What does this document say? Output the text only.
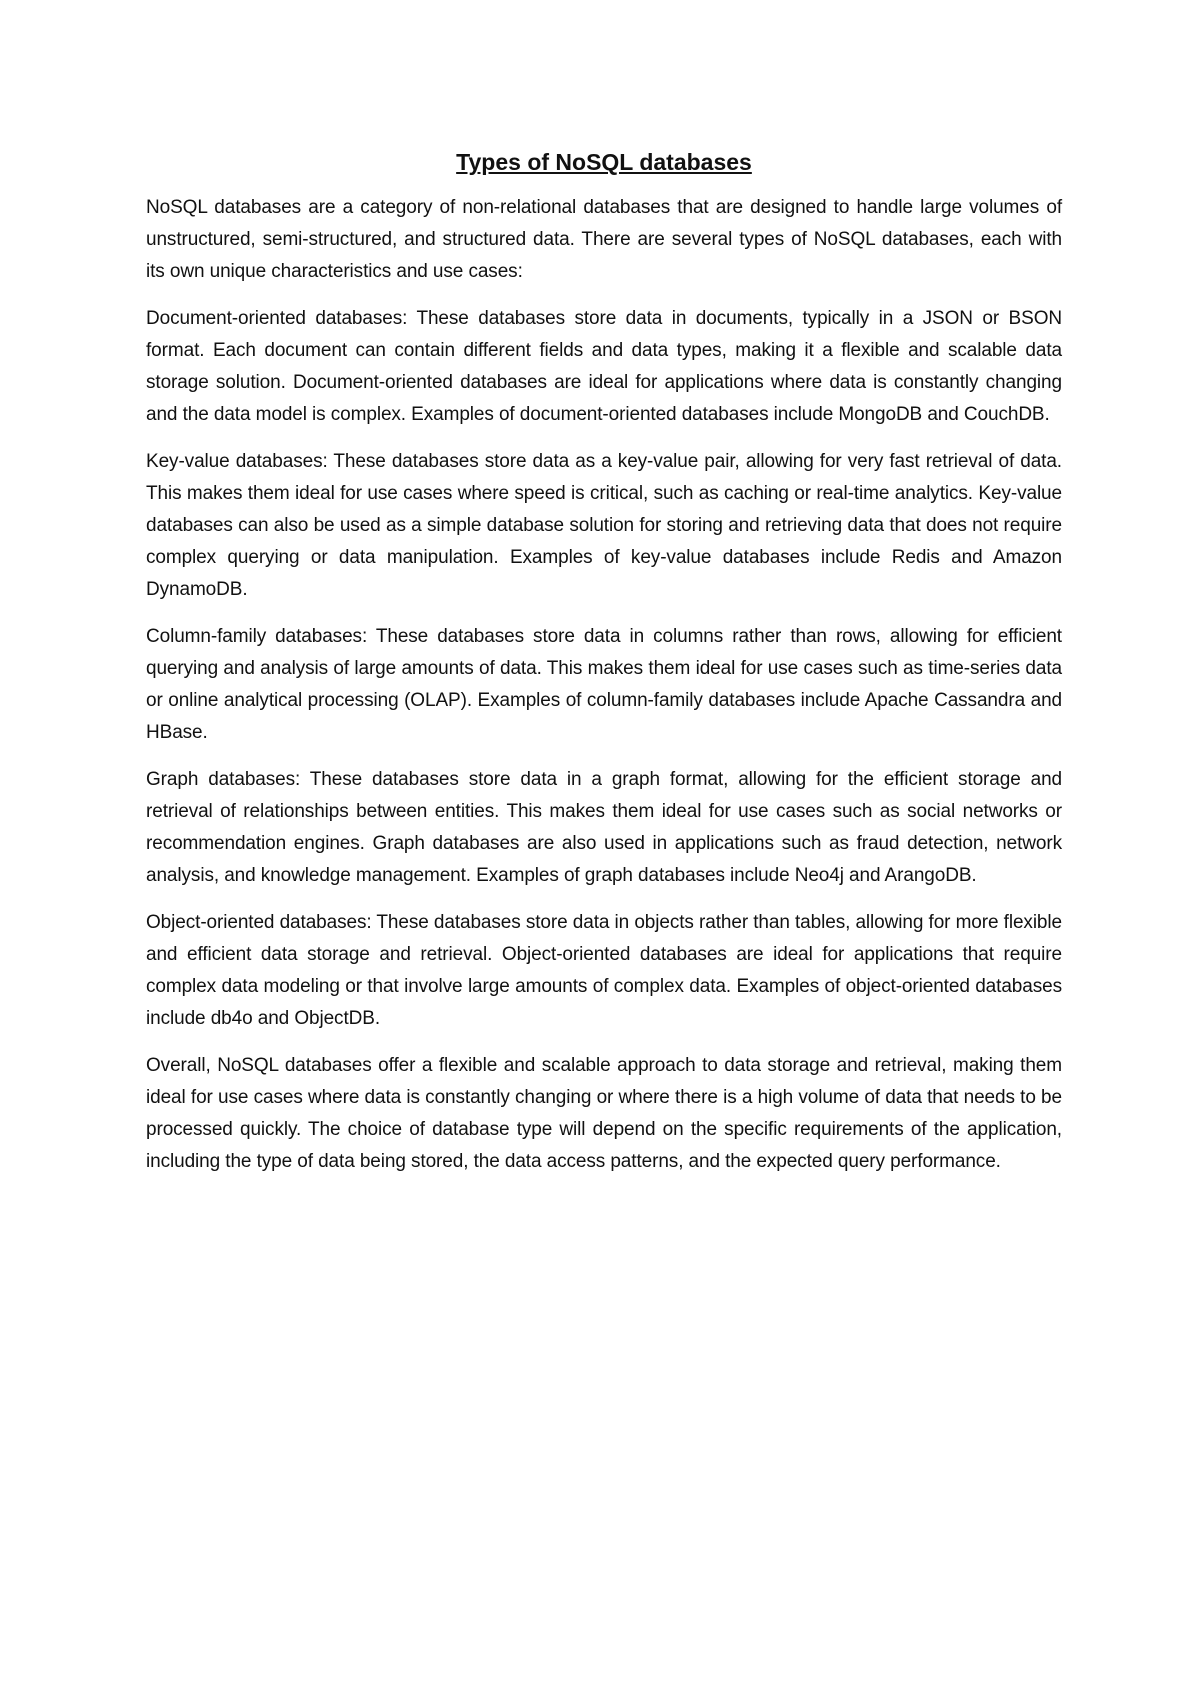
Types of NoSQL databases

NoSQL databases are a category of non-relational databases that are designed to handle large volumes of unstructured, semi-structured, and structured data. There are several types of NoSQL databases, each with its own unique characteristics and use cases:

Document-oriented databases: These databases store data in documents, typically in a JSON or BSON format. Each document can contain different fields and data types, making it a flexible and scalable data storage solution. Document-oriented databases are ideal for applications where data is constantly changing and the data model is complex. Examples of document-oriented databases include MongoDB and CouchDB.

Key-value databases: These databases store data as a key-value pair, allowing for very fast retrieval of data. This makes them ideal for use cases where speed is critical, such as caching or real-time analytics. Key-value databases can also be used as a simple database solution for storing and retrieving data that does not require complex querying or data manipulation. Examples of key-value databases include Redis and Amazon DynamoDB.

Column-family databases: These databases store data in columns rather than rows, allowing for efficient querying and analysis of large amounts of data. This makes them ideal for use cases such as time-series data or online analytical processing (OLAP). Examples of column-family databases include Apache Cassandra and HBase.

Graph databases: These databases store data in a graph format, allowing for the efficient storage and retrieval of relationships between entities. This makes them ideal for use cases such as social networks or recommendation engines. Graph databases are also used in applications such as fraud detection, network analysis, and knowledge management. Examples of graph databases include Neo4j and ArangoDB.

Object-oriented databases: These databases store data in objects rather than tables, allowing for more flexible and efficient data storage and retrieval. Object-oriented databases are ideal for applications that require complex data modeling or that involve large amounts of complex data. Examples of object-oriented databases include db4o and ObjectDB.

Overall, NoSQL databases offer a flexible and scalable approach to data storage and retrieval, making them ideal for use cases where data is constantly changing or where there is a high volume of data that needs to be processed quickly. The choice of database type will depend on the specific requirements of the application, including the type of data being stored, the data access patterns, and the expected query performance.
